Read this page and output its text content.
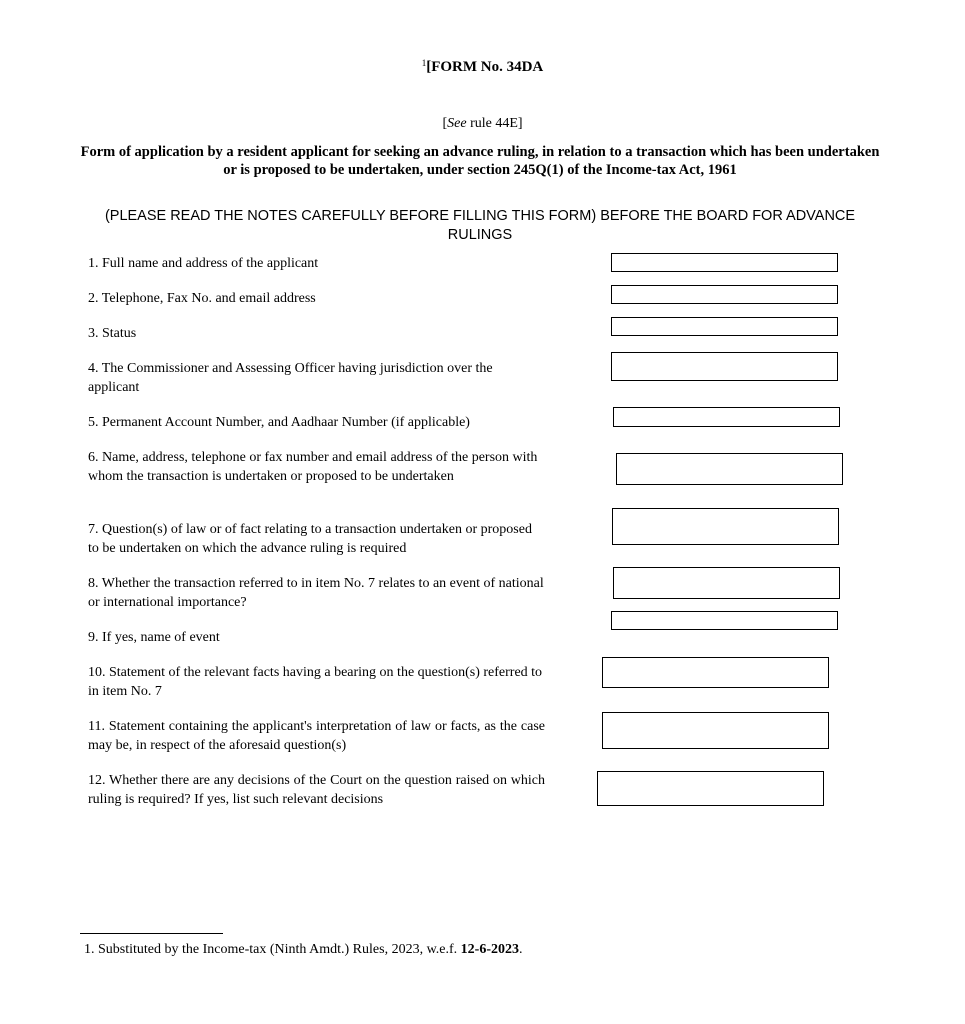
$^1$[FORM No. 34DA
[See rule 44E]
Form of application by a resident applicant for seeking an advance ruling, in relation to a transaction which has been undertaken or is proposed to be undertaken, under section 245Q(1) of the Income-tax Act, 1961
(PLEASE READ THE NOTES CAREFULLY BEFORE FILLING THIS FORM) BEFORE THE BOARD FOR ADVANCE RULINGS
1. Full name and address of the applicant
2. Telephone, Fax No. and email address
3. Status
4. The Commissioner and Assessing Officer having jurisdiction over the applicant
5. Permanent Account Number, and Aadhaar Number (if applicable)
6. Name, address, telephone or fax number and email address of the person with whom the transaction is undertaken or proposed to be undertaken
7. Question(s) of law or of fact relating to a transaction undertaken or proposed to be undertaken on which the advance ruling is required
8. Whether the transaction referred to in item No. 7 relates to an event of national or international importance?
9. If yes, name of event
10. Statement of the relevant facts having a bearing on the question(s) referred to in item No. 7
11. Statement containing the applicant's interpretation of law or facts, as the case may be, in respect of the aforesaid question(s)
12. Whether there are any decisions of the Court on the question raised on which ruling is required? If yes, list such relevant decisions
1. Substituted by the Income-tax (Ninth Amdt.) Rules, 2023, w.e.f. 12-6-2023.
